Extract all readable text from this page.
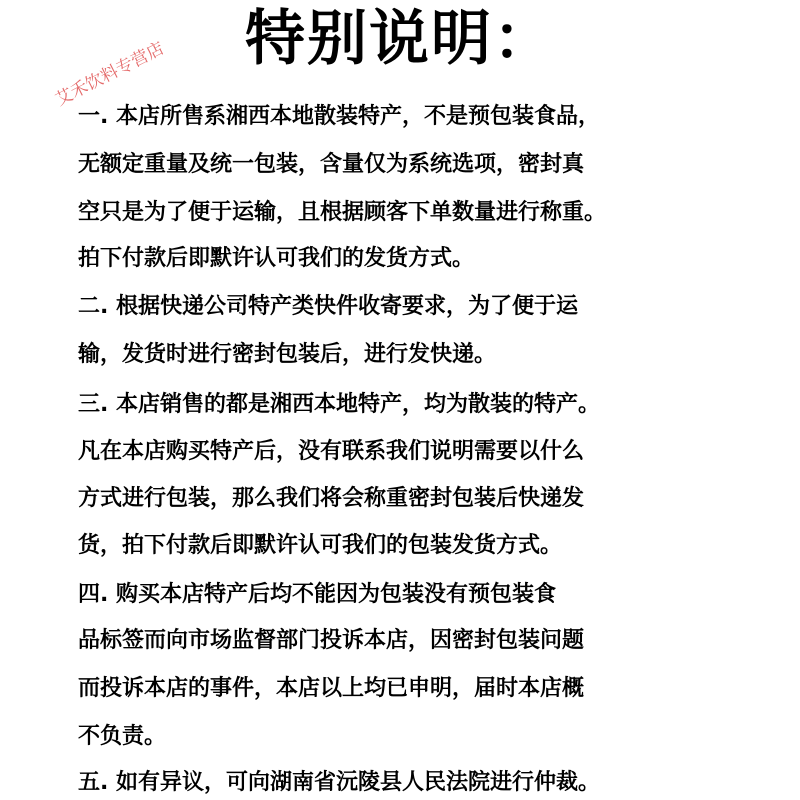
特别说明：
艾禾饮料专营店

一. 本店所售系湘西本地散装特产，不是预包装食品，

无额定重量及统一包装，含量仅为系统选项，密封真

空只是为了便于运输，且根据顾客下单数量进行称重。

拍下付款后即默许认可我们的发货方式。

二. 根据快递公司特产类快件收寄要求，为了便于运

输，发货时进行密封包装后，进行发快递。

三. 本店销售的都是湘西本地特产，均为散装的特产。

凡在本店购买特产后，没有联系我们说明需要以什么

方式进行包装，那么我们将会称重密封包装后快递发

货，拍下付款后即默许认可我们的包装发货方式。

四. 购买本店特产后均不能因为包装没有预包装食

品标签而向市场监督部门投诉本店，因密封包装问题

而投诉本店的事件，本店以上均已申明，届时本店概

不负责。

五. 如有异议，可向湖南省沅陵县人民法院进行仲裁。
